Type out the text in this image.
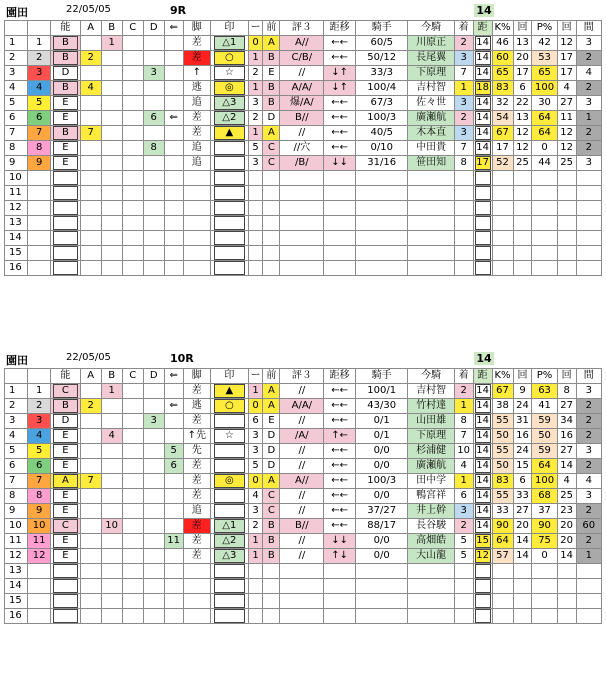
園田	22/05/05	9R	14
		能	A	B	C	D	⇐	脚	印	ー	前	評３	距移	騎手	今騎	着	距	K%	回	P%	回	間
1	1	B		1				差	△1	0	A	A//	←←	60/5	川原正	2	14	46	13	42	12	3
2	2	B	2					差	○	1	B	C/B/	←←	50/12	長尾翼	3	14	60	20	53	17	2
3	3	D				3		↑	☆	2	E	//	↓↑	33/3	下原理	7	14	65	17	65	17	4
4	4	B	4					逃	◎	1	B	A/A/	↓↑	100/4	吉村智	1	18	83	6	100	4	2
5	5	E						追	△3	3	B	爆/A/	←←	67/3	佐々世	3	14	32	22	30	27	3
6	6	E				6	⇐	差	△2	2	D	B//	←←	100/3	廣瀬航	2	14	54	13	64	11	1
7	7	B	7					差	▲	1	A	//	←←	40/5	木本直	3	14	67	12	64	12	2
8	8	E				8		追		5	C	//穴	←←	0/10	中田貴	7	14	17	12	0	12	2
9	9	E						追		3	C	/B/	↓↓	31/16	笹田知	8	17	52	25	44	25	3
10																						
11																						
12																						
13																						
14																						
15																						
16																						
園田	22/05/05	10R	14
		能	A	B	C	D	⇐	脚	印	ー	前	評３	距移	騎手	今騎	着	距	K%	回	P%	回	間
1	1	C		1				差	▲	1	A	//	←←	100/1	吉村智	2	14	67	9	63	8	3
2	2	B	2				⇐	逃	○	0	A	A/A/	←←	43/30	竹村達	1	14	38	24	41	27	2
3	3	D				3		差		6	E	//	←←	0/1	山田雄	8	14	55	31	59	34	2
4	4	E		4				↑先	☆	3	D	/A/	↑←	0/1	下原理	7	14	50	16	50	16	2
5	5	E					5	先		3	D	//	←←	0/0	杉浦健	10	14	55	24	59	27	3
6	6	E					6	差		5	D	//	←←	0/0	廣瀬航	4	14	50	15	64	14	2
7	7	A	7					差	◎	0	A	A//	←←	100/3	田中学	1	14	83	6	100	4	4
8	8	E						差		4	C	//	←←	0/0	鴨宮祥	6	14	55	33	68	25	3
9	9	E						追		3	C	//	←←	37/27	井上幹	3	14	33	27	37	23	2
10	10	C		10				差	△1	2	B	B//	←←	88/17	長谷駿	2	14	90	20	90	20	60
11	11	E					11	差	△2	1	B	//	↓↓	0/0	高畑皓	5	15	64	14	75	20	2
12	12	E						差	△3	1	B	//	↑↓	0/0	大山龍	5	12	57	14	0	14	1
13																						
14																						
15																						
16																						
